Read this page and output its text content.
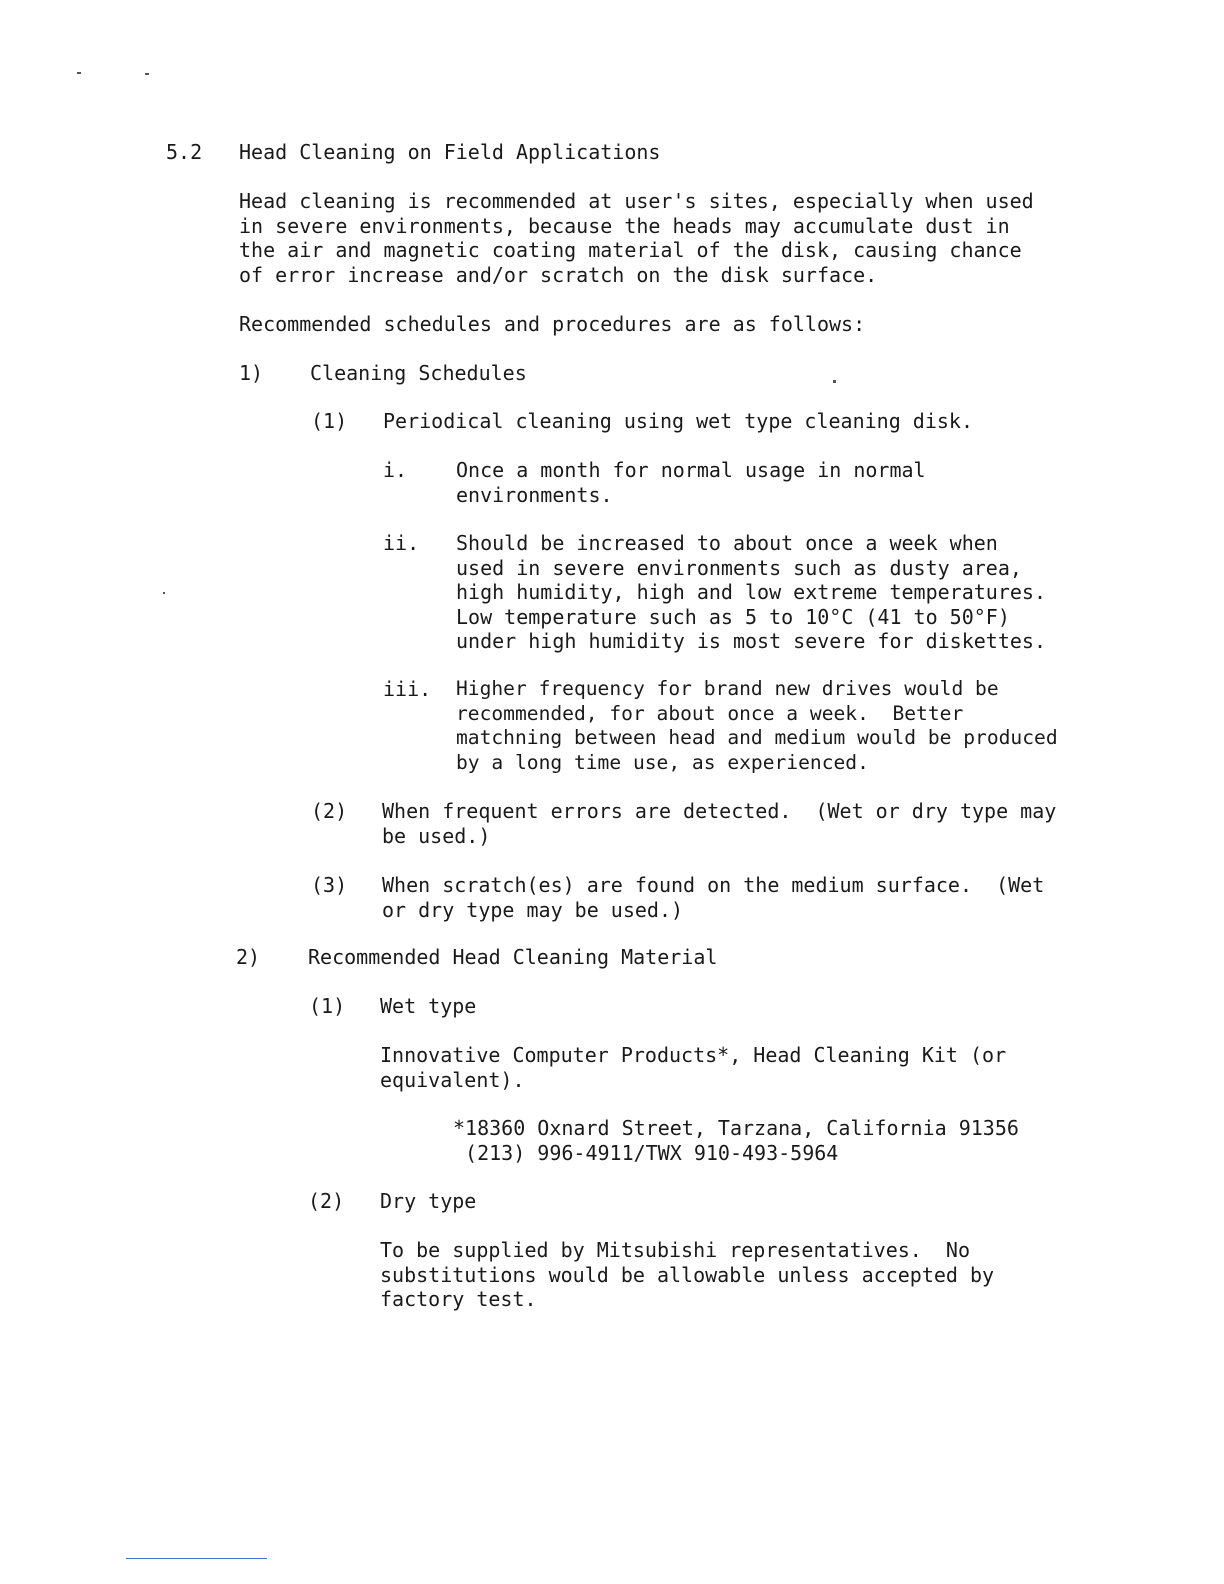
5.2 Head Cleaning on Field Applications
Head cleaning is recommended at user's sites, especially when used
in severe environments, because the heads may accumulate dust in
the air and magnetic coating material of the disk, causing chance
of error increase and/or scratch on the disk surface.
Recommended schedules and procedures are as follows:
1) Cleaning Schedules
(1) Periodical cleaning using wet type cleaning disk.
i. Once a month for normal usage in normal
environments.
ii. Should be increased to about once a week when
used in severe environments such as dusty area,
high humidity, high and low extreme temperatures.
Low temperature such as 5 to 10°C (41 to 50°F)
under high humidity is most severe for diskettes.
iii. Higher frequency for brand new drives would be
recommended, for about once a week.  Better
matchning between head and medium would be produced
by a long time use, as experienced.
(2) When frequent errors are detected.  (Wet or dry type may
be used.)
(3) When scratch(es) are found on the medium surface.  (Wet
or dry type may be used.)
2) Recommended Head Cleaning Material
(1) Wet type
Innovative Computer Products*, Head Cleaning Kit (or
equivalent).
*18360 Oxnard Street, Tarzana, California 91356
(213) 996-4911/TWX 910-493-5964
(2) Dry type
To be supplied by Mitsubishi representatives.  No
substitutions would be allowable unless accepted by
factory test.
